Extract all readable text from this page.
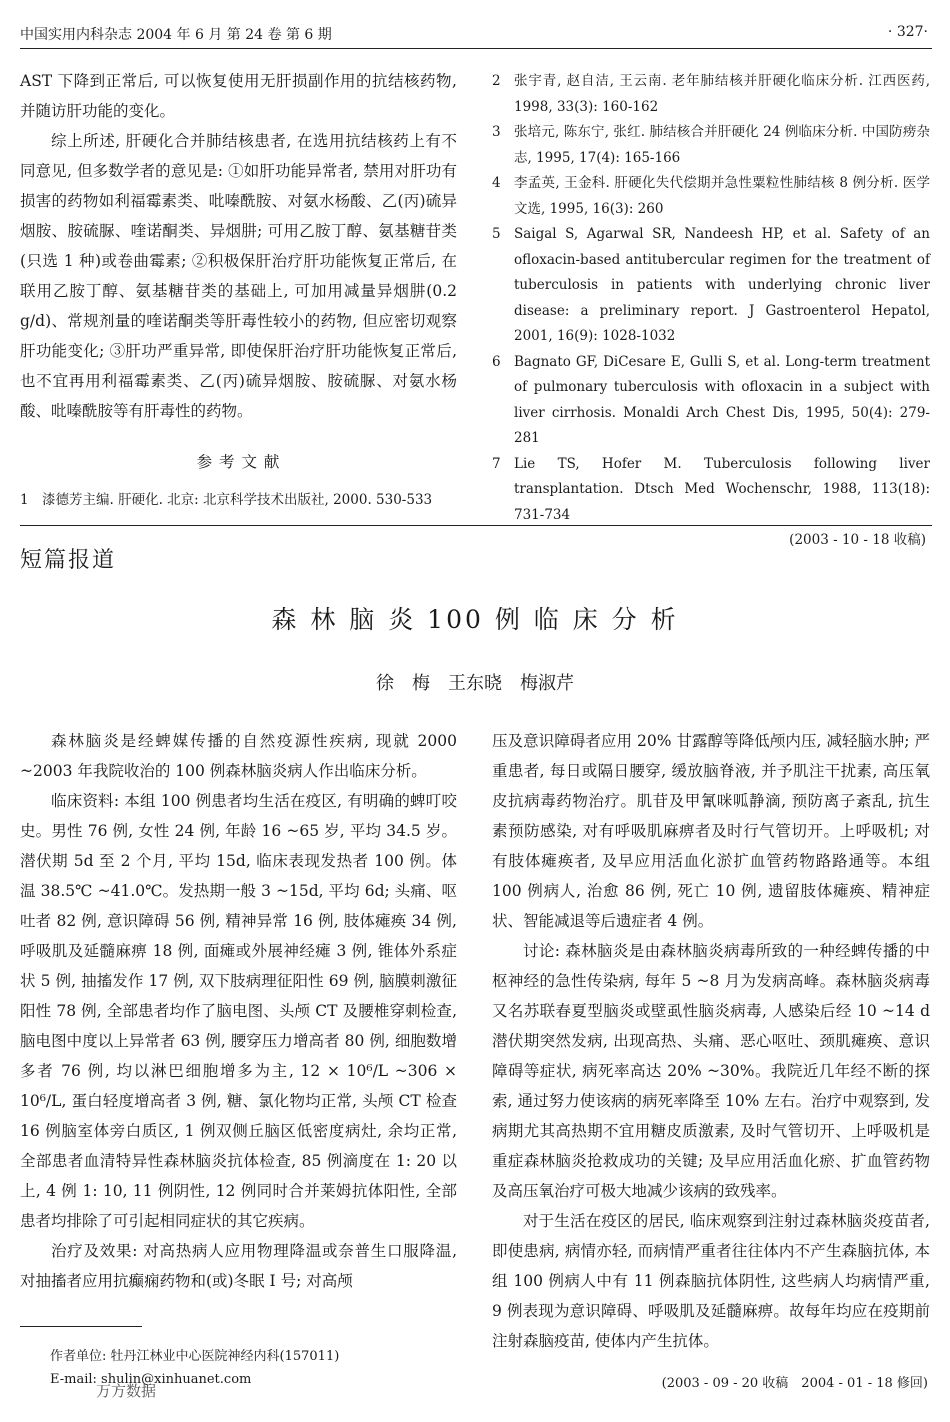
中国实用内科杂志 2004 年 6 月 第 24 卷 第 6 期	· 327·

AST 下降到正常后, 可以恢复使用无肝损副作用的抗结核药物, 并随访肝功能的变化。

综上所述, 肝硬化合并肺结核患者, 在选用抗结核药上有不同意见, 但多数学者的意见是: ①如肝功能异常者, 禁用对肝功有损害的药物如利福霉素类、吡嗪酰胺、对氨水杨酸、乙(丙)硫异烟胺、胺硫脲、喹诺酮类、异烟肼; 可用乙胺丁醇、氨基糖苷类(只选 1 种)或卷曲霉素; ②积极保肝治疗肝功能恢复正常后, 在联用乙胺丁醇、氨基糖苷类的基础上, 可加用减量异烟肼(0.2 g/d)、常规剂量的喹诺酮类等肝毒性较小的药物, 但应密切观察肝功能变化; ③肝功严重异常, 即使保肝治疗肝功能恢复正常后, 也不宜再用利福霉素类、乙(丙)硫异烟胺、胺硫脲、对氨水杨酸、吡嗪酰胺等有肝毒性的药物。

参 考 文 献
1 漆德芳主编. 肝硬化. 北京: 北京科学技术出版社, 2000. 530-533
2 张宇青, 赵自洁, 王云南. 老年肺结核并肝硬化临床分析. 江西医药, 1998, 33(3): 160-162
3 张培元, 陈东宁, 张红. 肺结核合并肝硬化 24 例临床分析. 中国防痨杂志, 1995, 17(4): 165-166
4 李孟英, 王金科. 肝硬化失代偿期并急性粟粒性肺结核 8 例分析. 医学文选, 1995, 16(3): 260
5 Saigal S, Agarwal SR, Nandeesh HP, et al. Safety of an ofloxacin-based antitubercular regimen for the treatment of tuberculosis in patients with underlying chronic liver disease: a preliminary report. J Gastroenterol Hepatol, 2001, 16(9): 1028-1032
6 Bagnato GF, DiCesare E, Gulli S, et al. Long-term treatment of pulmonary tuberculosis with ofloxacin in a subject with liver cirrhosis. Monaldi Arch Chest Dis, 1995, 50(4): 279-281
7 Lie TS, Hofer M. Tuberculosis following liver transplantation. Dtsch Med Wochenschr, 1988, 113(18): 731-734
(2003 - 10 - 18 收稿)
短篇报道
森 林 脑 炎 100 例 临 床 分 析
徐　梅　王东晓　梅淑芹

森林脑炎是经蜱媒传播的自然疫源性疾病, 现就 2000 ~2003 年我院收治的 100 例森林脑炎病人作出临床分析。

临床资料: 本组 100 例患者均生活在疫区, 有明确的蜱叮咬史。男性 76 例, 女性 24 例, 年龄 16 ~65 岁, 平均 34.5 岁。潜伏期 5d 至 2 个月, 平均 15d, 临床表现发热者 100 例。体温 38.5℃ ~41.0℃。发热期一般 3 ~15d, 平均 6d; 头痛、呕吐者 82 例, 意识障碍 56 例, 精神异常 16 例, 肢体瘫痪 34 例, 呼吸肌及延髓麻痹 18 例, 面瘫或外展神经瘫 3 例, 锥体外系症状 5 例, 抽搐发作 17 例, 双下肢病理征阳性 69 例, 脑膜刺激征阳性 78 例, 全部患者均作了脑电图、头颅 CT 及腰椎穿刺检查, 脑电图中度以上异常者 63 例, 腰穿压力增高者 80 例, 细胞数增多者 76 例, 均以淋巴细胞增多为主, 12 × 10⁶/L ~306 × 10⁶/L, 蛋白轻度增高者 3 例, 糖、氯化物均正常, 头颅 CT 检查 16 例脑室体旁白质区, 1 例双侧丘脑区低密度病灶, 余均正常, 全部患者血清特异性森林脑炎抗体检查, 85 例滴度在 1: 20 以上, 4 例 1: 10, 11 例阴性, 12 例同时合并莱姆抗体阳性, 全部患者均排除了可引起相同症状的其它疾病。

治疗及效果: 对高热病人应用物理降温或奈普生口服降温, 对抽搐者应用抗癫痫药物和(或)冬眠 Ⅰ 号; 对高颅

压及意识障碍者应用 20% 甘露醇等降低颅内压, 减轻脑水肿; 严重患者, 每日或隔日腰穿, 缓放脑脊液, 并予肌注干扰素, 高压氧皮抗病毒药物治疗。肌苷及甲氰咪呱静滴, 预防离子紊乱, 抗生素预防感染, 对有呼吸肌麻痹者及时行气管切开。上呼吸机; 对有肢体瘫痪者, 及早应用活血化淤扩血管药物路路通等。本组 100 例病人, 治愈 86 例, 死亡 10 例, 遗留肢体瘫痪、精神症状、智能减退等后遗症者 4 例。

讨论: 森林脑炎是由森林脑炎病毒所致的一种经蜱传播的中枢神经的急性传染病, 每年 5 ~8 月为发病高峰。森林脑炎病毒又名苏联春夏型脑炎或壁虱性脑炎病毒, 人感染后经 10 ~14 d 潜伏期突然发病, 出现高热、头痛、恶心呕吐、颈肌瘫痪、意识障碍等症状, 病死率高达 20% ~30%。我院近几年经不断的探索, 通过努力使该病的病死率降至 10% 左右。治疗中观察到, 发病期尤其高热期不宜用糖皮质激素, 及时气管切开、上呼吸机是重症森林脑炎抢救成功的关键; 及早应用活血化瘀、扩血管药物及高压氧治疗可极大地减少该病的致残率。

对于生活在疫区的居民, 临床观察到注射过森林脑炎疫苗者, 即使患病, 病情亦轻, 而病情严重者往往体内不产生森脑抗体, 本组 100 例病人中有 11 例森脑抗体阴性, 这些病人均病情严重, 9 例表现为意识障碍、呼吸肌及延髓麻痹。故每年均应在疫期前注射森脑疫苗, 使体内产生抗体。

作者单位: 牡丹江林业中心医院神经内科(157011)
E-mail: shulin@xinhuanet.com	(2003 - 09 - 20 收稿　2004 - 01 - 18 修回)
万方数据
